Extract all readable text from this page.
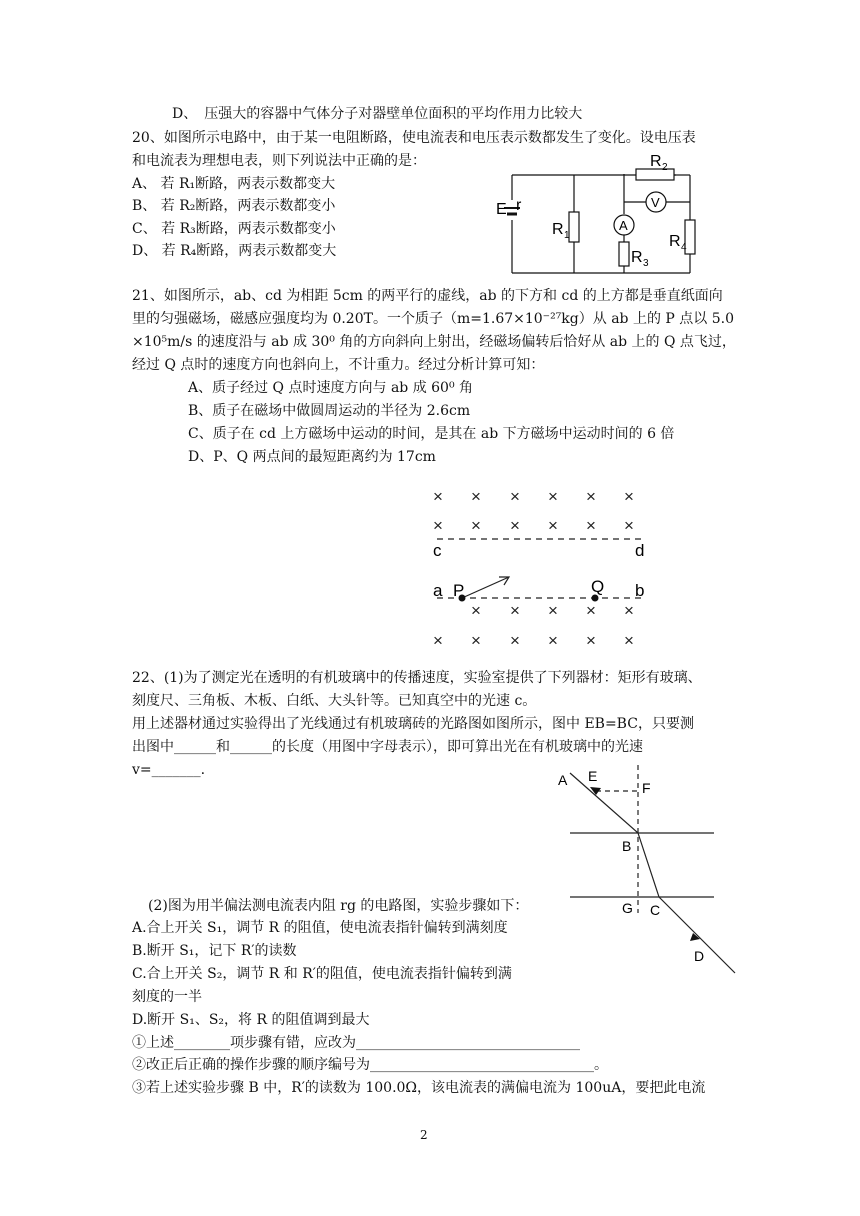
D、　压强大的容器中气体分子对器壁单位面积的平均作用力比较大
20、如图所示电路中，由于某一电阻断路，使电流表和电压表示数都发生了变化。设电压表
和电流表为理想电表，则下列说法中正确的是：
A、 若 R₁断路，两表示数都变大
B、 若 R₂断路，两表示数都变小
C、 若 R₃断路，两表示数都变小
D、 若 R₄断路，两表示数都变大
E r
R 1
R 2
R 3
R 4
A
V
21、如图所示，ab、cd 为相距 5cm 的两平行的虚线，ab 的下方和 cd 的上方都是垂直纸面向
里的匀强磁场，磁感应强度均为 0.20T。一个质子（m=1.67×10⁻²⁷kg）从 ab 上的 P 点以 5.0
×10⁵m/s 的速度沿与 ab 成 30⁰ 角的方向斜向上射出，经磁场偏转后恰好从 ab 上的 Q 点飞过，
经过 Q 点时的速度方向也斜向上，不计重力。经过分析计算可知：
A、质子经过 Q 点时速度方向与 ab 成 60⁰ 角
B、质子在磁场中做圆周运动的半径为 2.6cm
C、质子在 cd 上方磁场中运动的时间，是其在 ab 下方磁场中运动时间的 6 倍
D、P、Q 两点间的最短距离约为 17cm
× × × × × ×
× × × × × ×
× × × × ×
× × × × × ×
c	d
a	b
P	Q
22、(1)为了测定光在透明的有机玻璃中的传播速度，实验室提供了下列器材：矩形有玻璃、
刻度尺、三角板、木板、白纸、大头针等。已知真空中的光速 c。
用上述器材通过实验得出了光线通过有机玻璃砖的光路图如图所示，图中 EB=BC，只要测
出图中______和______的长度（用图中字母表示），即可算出光在有机玻璃中的光速
v=_______.
A E
F
B
G C
D
(2)图为用半偏法测电流表内阻 rg 的电路图，实验步骤如下：
A.合上开关 S₁，调节 R 的阻值，使电流表指针偏转到满刻度
B.断开 S₁，记下 R′的读数
C.合上开关 S₂，调节 R 和 R′的阻值，使电流表指针偏转到满
刻度的一半
D.断开 S₁、S₂，将 R 的阻值调到最大
①上述________项步骤有错，应改为________________________________
②改正后正确的操作步骤的顺序编号为________________________________。
③若上述实验步骤 B 中，R′的读数为 100.0Ω，该电流表的满偏电流为 100uA，要把此电流
2
